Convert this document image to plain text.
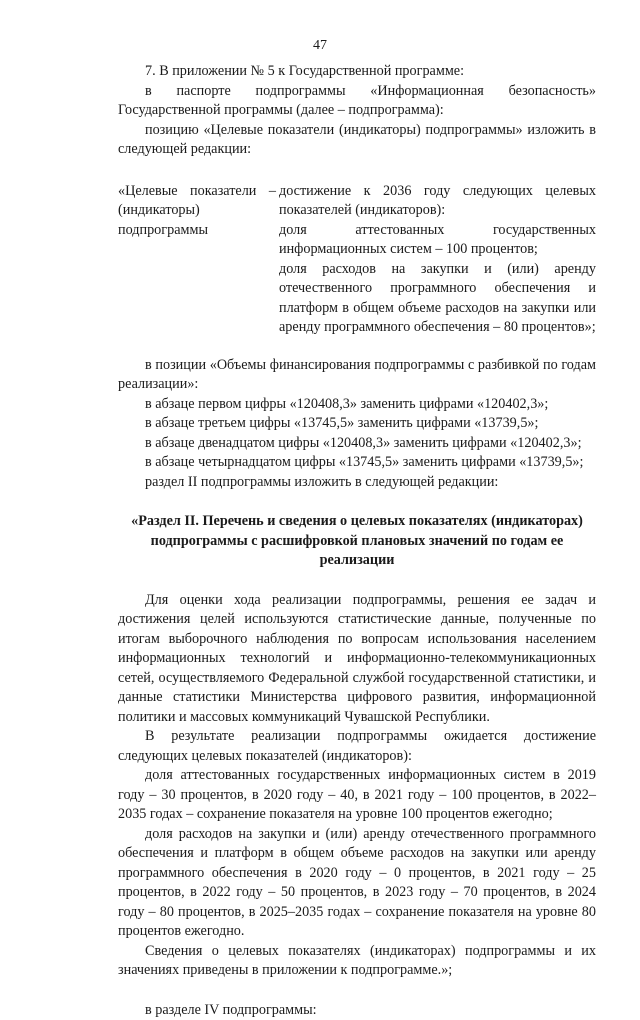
47

7. В приложении № 5 к Государственной программе:

в паспорте подпрограммы «Информационная безопасность» Государственной программы (далее – подпрограмма):

позицию «Целевые показатели (индикаторы) подпрограммы» изложить в следующей редакции:

«Целевые показатели – (индикаторы) подпрограммы

достижение к 2036 году следующих целевых показателей (индикаторов):

доля аттестованных государственных информационных систем – 100 процентов;

доля расходов на закупки и (или) аренду отечественного программного обеспечения и платформ в общем объеме расходов на закупки или аренду программного обеспечения – 80 процентов»;

в позиции «Объемы финансирования подпрограммы с разбивкой по годам реализации»:

в абзаце первом цифры «120408,3» заменить цифрами «120402,3»;

в абзаце третьем цифры «13745,5» заменить цифрами «13739,5»;

в абзаце двенадцатом цифры «120408,3» заменить цифрами «120402,3»;

в абзаце четырнадцатом цифры «13745,5» заменить цифрами «13739,5»;

раздел II подпрограммы изложить в следующей редакции:

«Раздел II. Перечень и сведения о целевых показателях (индикаторах) подпрограммы с расшифровкой плановых значений по годам ее реализации

Для оценки хода реализации подпрограммы, решения ее задач и достижения целей используются статистические данные, полученные по итогам выборочного наблюдения по вопросам использования населением информационных технологий и информационно-телекоммуникационных сетей, осуществляемого Федеральной службой государственной статистики, и данные статистики Министерства цифрового развития, информационной политики и массовых коммуникаций Чувашской Республики.

В результате реализации подпрограммы ожидается достижение следующих целевых показателей (индикаторов):

доля аттестованных государственных информационных систем в 2019 году – 30 процентов, в 2020 году – 40, в 2021 году – 100 процентов, в 2022–2035 годах – сохранение показателя на уровне 100 процентов ежегодно;

доля расходов на закупки и (или) аренду отечественного программного обеспечения и платформ в общем объеме расходов на закупки или аренду программного обеспечения в 2020 году – 0 процентов, в 2021 году – 25 процентов, в 2022 году – 50 процентов, в 2023 году – 70 процентов, в 2024 году – 80 процентов, в 2025–2035 годах – сохранение показателя на уровне 80 процентов ежегодно.

Сведения о целевых показателях (индикаторах) подпрограммы и их значениях приведены в приложении к подпрограмме.»;

в разделе IV подпрограммы:
